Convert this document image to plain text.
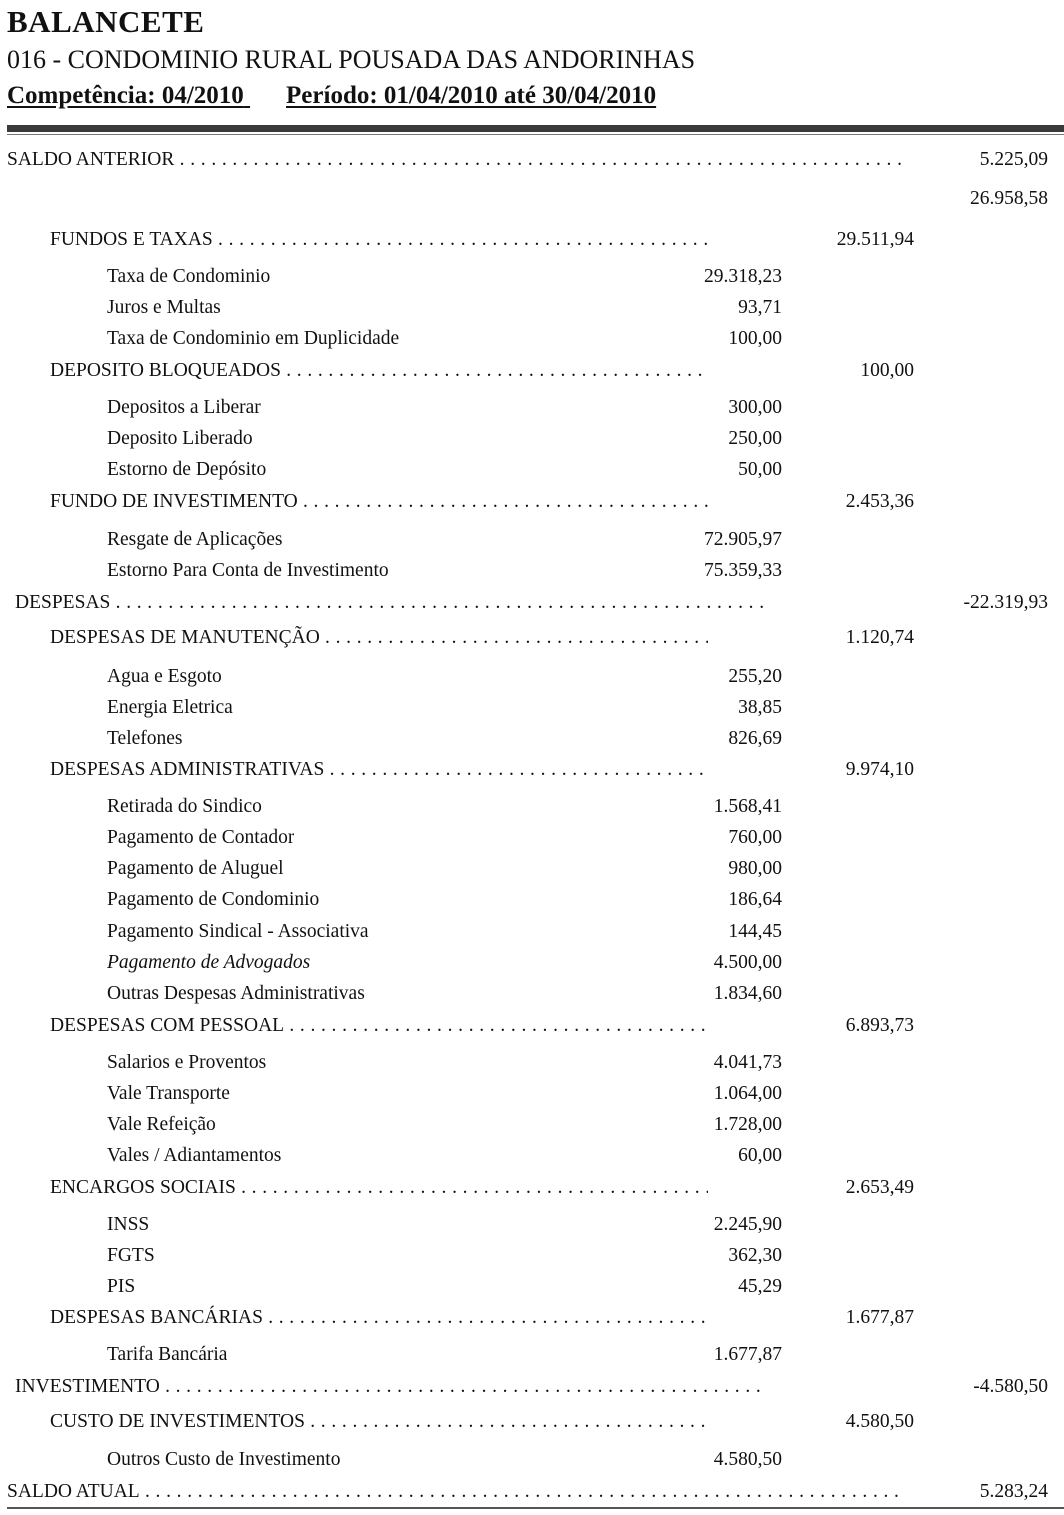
BALANCETE
016 - CONDOMINIO RURAL POUSADA DAS ANDORINHAS
Competência: 04/2010 Período: 01/04/2010 até 30/04/2010
SALDO ANTERIOR . . .	5.225,09
26.958,58
FUNDOS E TAXAS . . .	29.511,94
Taxa de Condominio	29.318,23
Juros e Multas	93,71
Taxa de Condominio em Duplicidade	100,00
DEPOSITO BLOQUEADOS . . .	100,00
Depositos a Liberar	300,00
Deposito Liberado	250,00
Estorno de Depósito	50,00
FUNDO DE INVESTIMENTO . . .	2.453,36
Resgate de Aplicações	72.905,97
Estorno Para Conta de Investimento	75.359,33
DESPESAS . . .	-22.319,93
DESPESAS DE MANUTENÇÃO . . .	1.120,74
Agua e Esgoto	255,20
Energia Eletrica	38,85
Telefones	826,69
DESPESAS ADMINISTRATIVAS . . .	9.974,10
Retirada do Sindico	1.568,41
Pagamento de Contador	760,00
Pagamento de Aluguel	980,00
Pagamento de Condominio	186,64
Pagamento Sindical - Associativa	144,45
Pagamento de Advogados	4.500,00
Outras Despesas Administrativas	1.834,60
DESPESAS COM PESSOAL . . .	6.893,73
Salarios e Proventos	4.041,73
Vale Transporte	1.064,00
Vale Refeição	1.728,00
Vales / Adiantamentos	60,00
ENCARGOS SOCIAIS . . .	2.653,49
INSS	2.245,90
FGTS	362,30
PIS	45,29
DESPESAS BANCÁRIAS . . .	1.677,87
Tarifa Bancária	1.677,87
INVESTIMENTO . . .	-4.580,50
CUSTO DE INVESTIMENTOS . . .	4.580,50
Outros Custo de Investimento	4.580,50
SALDO ATUAL . . .	5.283,24
